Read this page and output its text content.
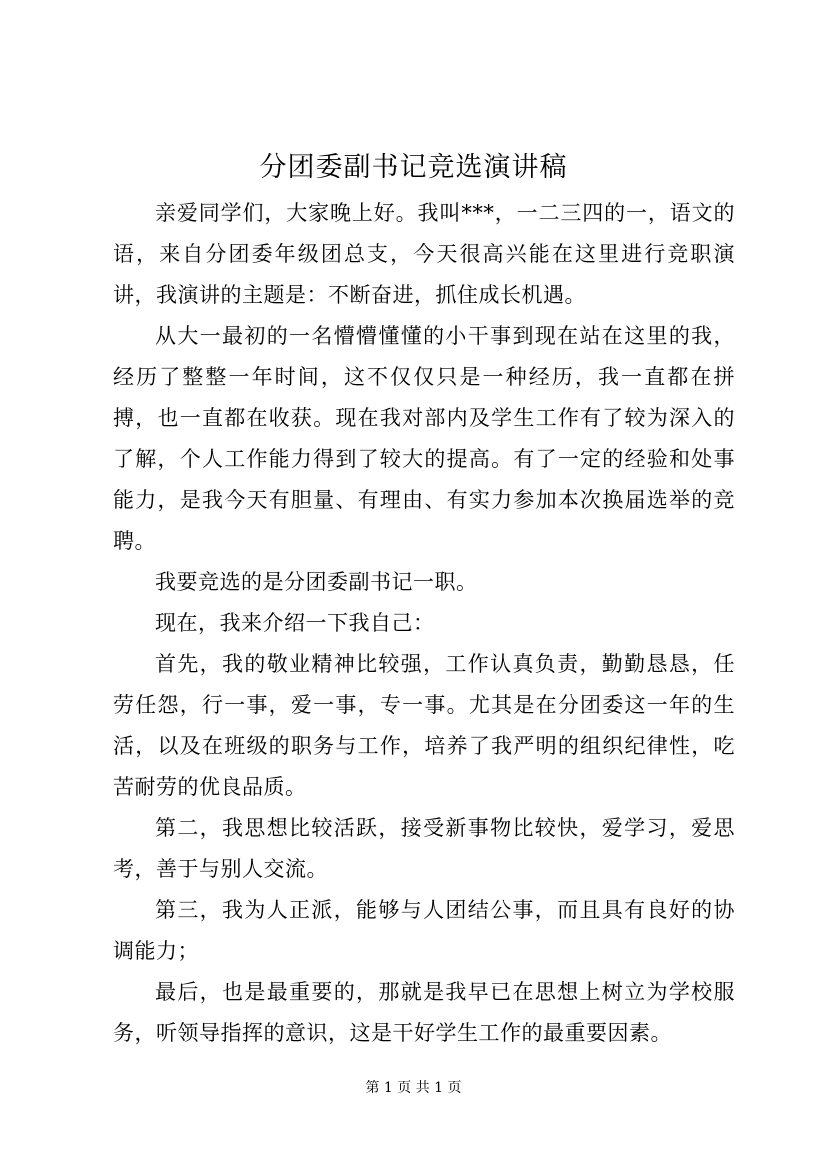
分团委副书记竞选演讲稿

亲爱同学们，大家晚上好。我叫***，一二三四的一，语文的语，来自分团委年级团总支，今天很高兴能在这里进行竞职演讲，我演讲的主题是：不断奋进，抓住成长机遇。

从大一最初的一名懵懵懂懂的小干事到现在站在这里的我，经历了整整一年时间，这不仅仅只是一种经历，我一直都在拼搏，也一直都在收获。现在我对部内及学生工作有了较为深入的了解，个人工作能力得到了较大的提高。有了一定的经验和处事能力，是我今天有胆量、有理由、有实力参加本次换届选举的竞聘。

我要竞选的是分团委副书记一职。

现在，我来介绍一下我自己：

首先，我的敬业精神比较强，工作认真负责，勤勤恳恳，任劳任怨，行一事，爱一事，专一事。尤其是在分团委这一年的生活，以及在班级的职务与工作，培养了我严明的组织纪律性，吃苦耐劳的优良品质。

第二，我思想比较活跃，接受新事物比较快，爱学习，爱思考，善于与别人交流。

第三，我为人正派，能够与人团结公事，而且具有良好的协调能力；

最后，也是最重要的，那就是我早已在思想上树立为学校服务，听领导指挥的意识，这是干好学生工作的最重要因素。

第 1 页 共 1 页
